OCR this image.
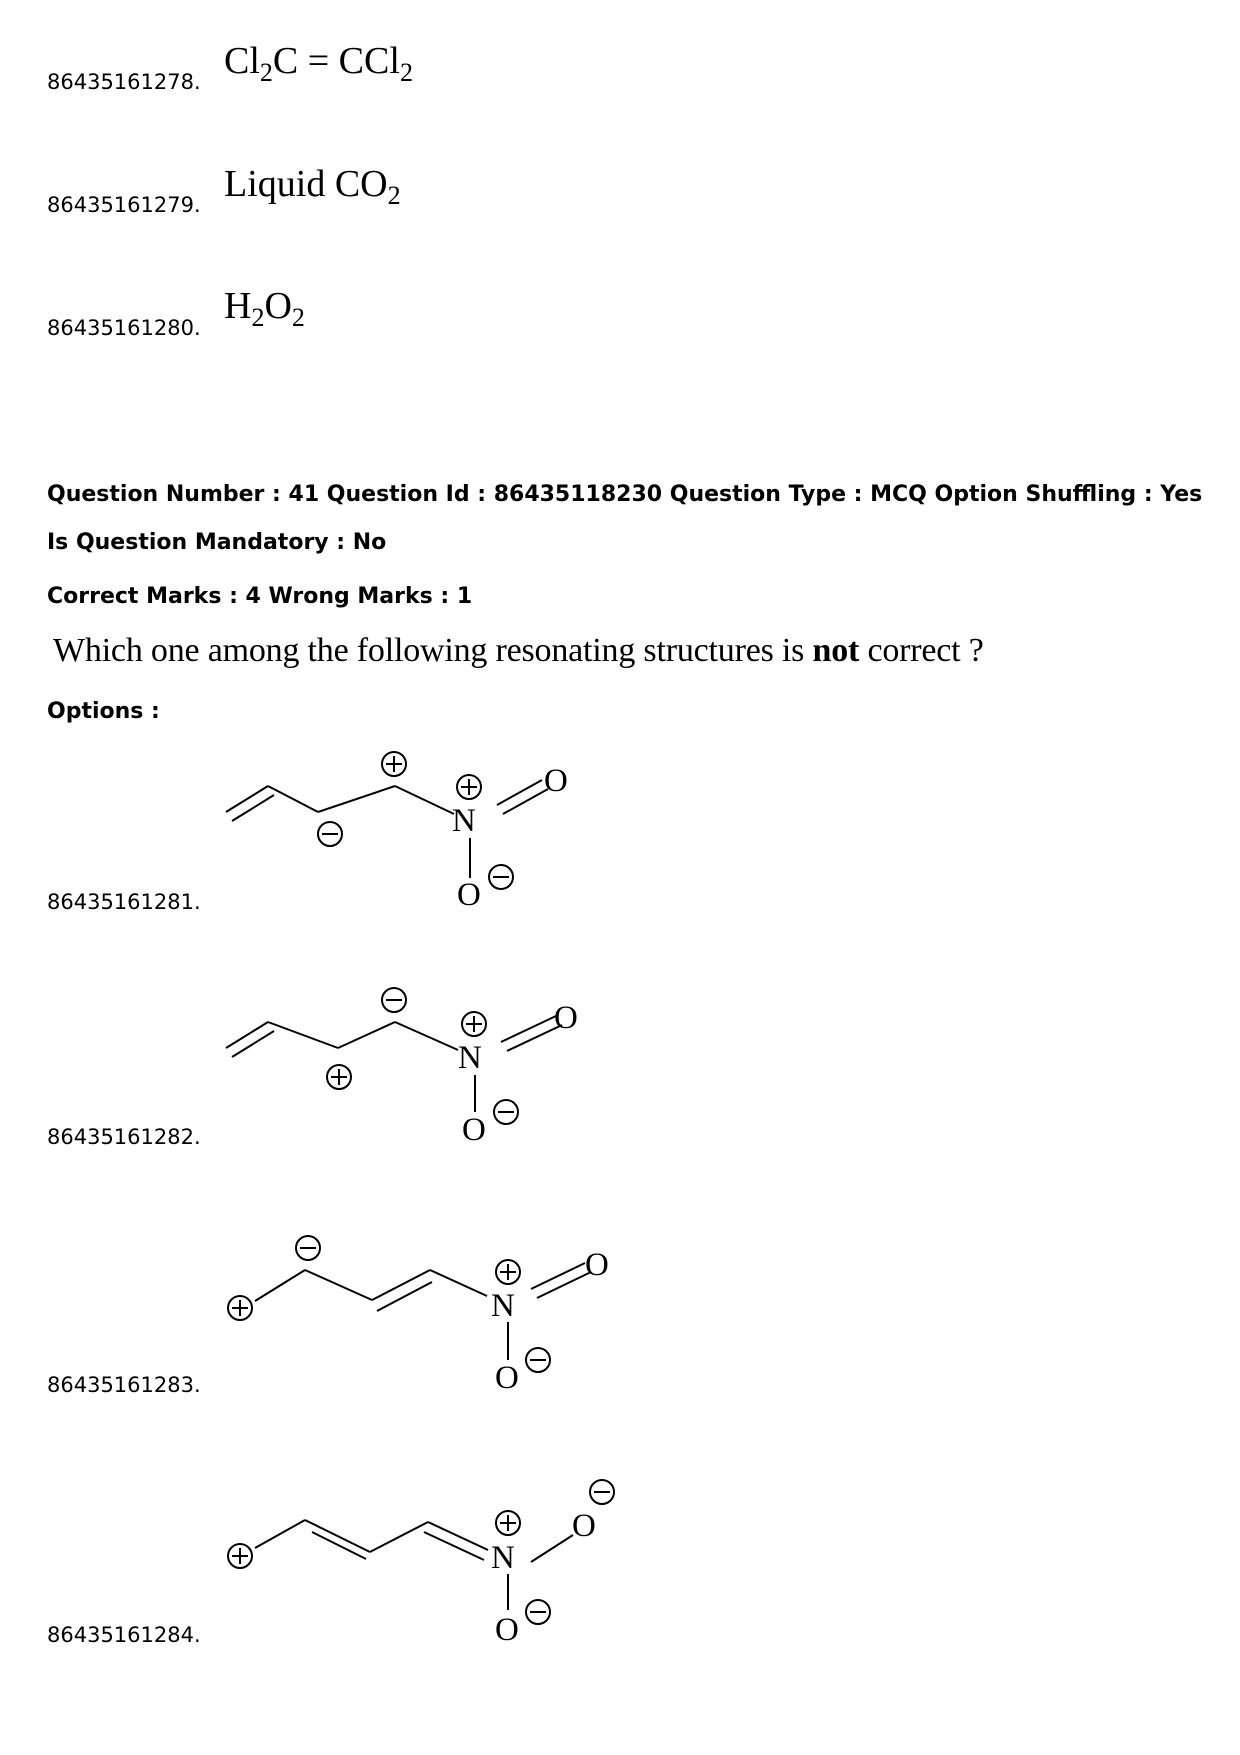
86435161278. $Cl_2C = CCl_2$
86435161279. Liquid $CO_2$
86435161280.
$H_2O_2$
Question Number : 41 Question Id : 86435118230 Question Type : MCQ Option Shuffling : Yes
Is Question Mandatory : No
Correct Marks : 4 Wrong Marks : 1
Which one among the following resonating structures is not correct ?
Options :
86435161281.
N
O
O
86435161282.
N
O
O
86435161283.
N
O
O
86435161284.
N
O
O
